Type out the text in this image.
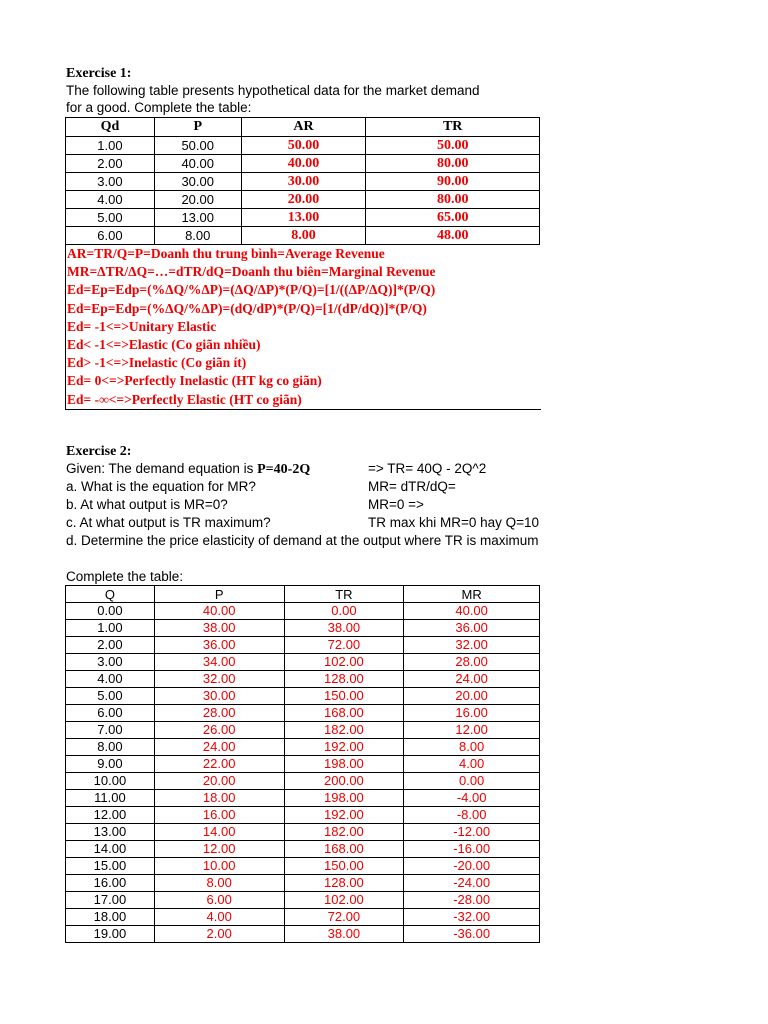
Exercise 1:
The following table presents hypothetical data for the market demand
for a good. Complete the table:
Qd	P	AR	TR
1.00	50.00	50.00	50.00
2.00	40.00	40.00	80.00
3.00	30.00	30.00	90.00
4.00	20.00	20.00	80.00
5.00	13.00	13.00	65.00
6.00	8.00	8.00	48.00
AR=TR/Q=P=Doanh thu trung bình=Average Revenue
MR=ΔTR/ΔQ=…=dTR/dQ=Doanh thu biên=Marginal Revenue
Ed=Ep=Edp=(%ΔQ/%ΔP)=(ΔQ/ΔP)*(P/Q)=[1/((ΔP/ΔQ)]*(P/Q)
Ed=Ep=Edp=(%ΔQ/%ΔP)=(dQ/dP)*(P/Q)=[1/(dP/dQ)]*(P/Q)
Ed= -1<=>Unitary Elastic
Ed< -1<=>Elastic (Co giãn nhiều)
Ed> -1<=>Inelastic (Co giãn ít)
Ed= 0<=>Perfectly Inelastic (HT kg co giãn)
Ed= -∞<=>Perfectly Elastic (HT co giãn)
Exercise 2:
Given: The demand equation is P=40-2Q	=> TR= 40Q - 2Q^2
a. What is the equation for MR?	MR= dTR/dQ=
b. At what output is MR=0?	MR=0 =>
c. At what output is TR maximum?	TR max khi MR=0 hay Q=10
d. Determine the price elasticity of demand at the output where TR is maximum
Complete the table:
Q	P	TR	MR
0.00	40.00	0.00	40.00
1.00	38.00	38.00	36.00
2.00	36.00	72.00	32.00
3.00	34.00	102.00	28.00
4.00	32.00	128.00	24.00
5.00	30.00	150.00	20.00
6.00	28.00	168.00	16.00
7.00	26.00	182.00	12.00
8.00	24.00	192.00	8.00
9.00	22.00	198.00	4.00
10.00	20.00	200.00	0.00
11.00	18.00	198.00	-4.00
12.00	16.00	192.00	-8.00
13.00	14.00	182.00	-12.00
14.00	12.00	168.00	-16.00
15.00	10.00	150.00	-20.00
16.00	8.00	128.00	-24.00
17.00	6.00	102.00	-28.00
18.00	4.00	72.00	-32.00
19.00	2.00	38.00	-36.00
